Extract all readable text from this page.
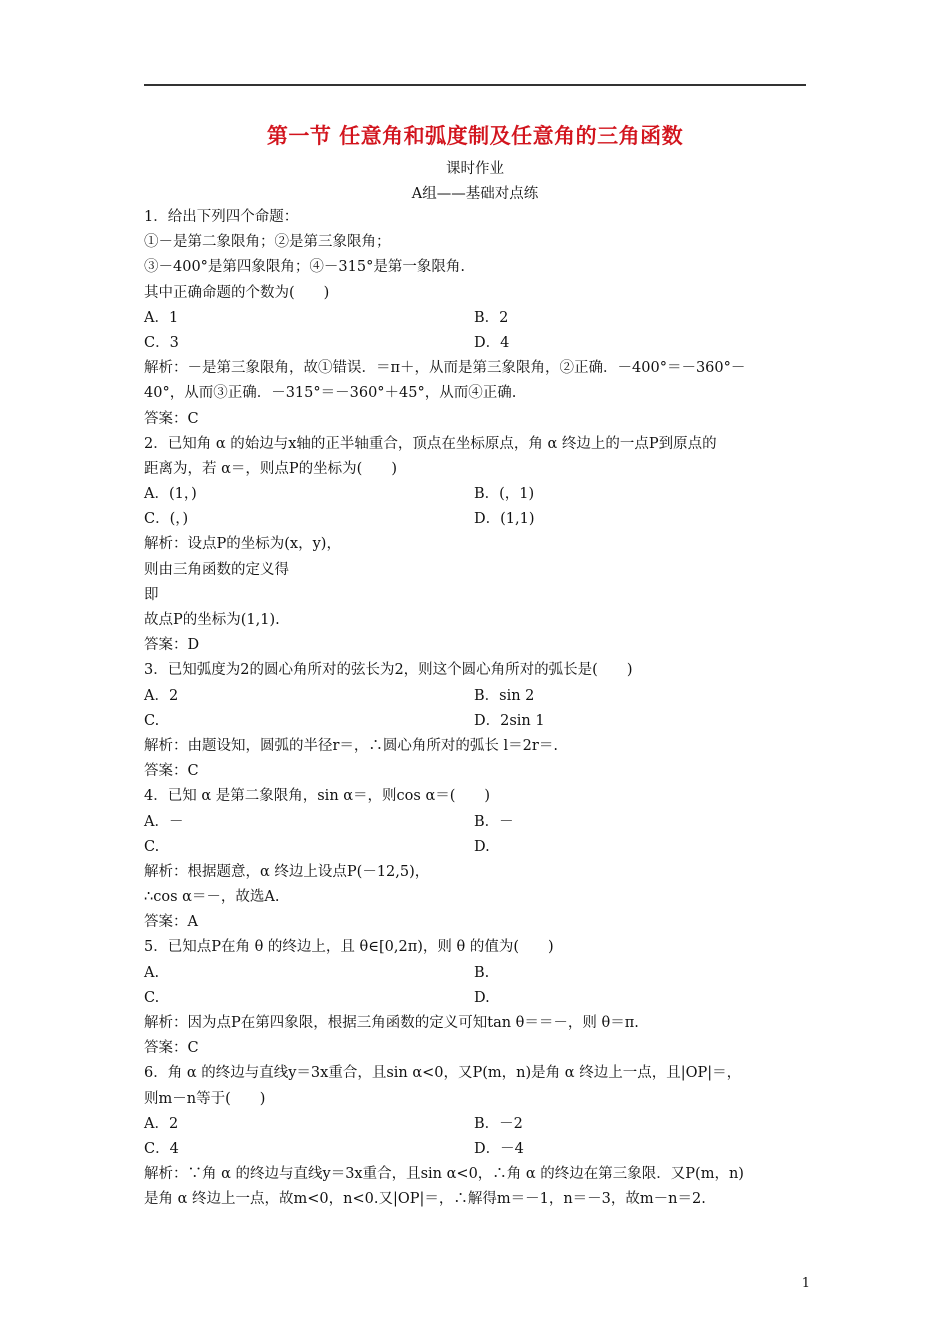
第一节 任意角和弧度制及任意角的三角函数
课时作业
A组——基础对点练
1．给出下列四个命题：
①－是第二象限角；②是第三象限角；
③－400°是第四象限角；④－315°是第一象限角.
其中正确命题的个数为(　　)
A．1	B．2
C．3	D．4
解析：－是第三象限角，故①错误．＝π＋，从而是第三象限角，②正确．－400°＝－360°－
40°，从而③正确．－315°＝－360°＋45°，从而④正确.
答案：C
2．已知角 α 的始边与x轴的正半轴重合，顶点在坐标原点，角 α 终边上的一点P到原点的
距离为，若 α＝，则点P的坐标为(　　)
A．(1，)	B．(，1)
C．(，)	D．(1,1)
解析：设点P的坐标为(x，y)，
则由三角函数的定义得
即
故点P的坐标为(1,1).
答案：D
3．已知弧度为2的圆心角所对的弦长为2，则这个圆心角所对的弧长是(　　)
A．2	B．sin 2
C.	D．2sin 1
解析：由题设知，圆弧的半径r＝，∴圆心角所对的弧长 l＝2r＝.
答案：C
4．已知 α 是第二象限角，sin α＝，则cos α＝(　　)
A．－	B．－
C.	D.
解析：根据题意，α 终边上设点P(－12,5)，
∴cos α＝－，故选A.
答案：A
5．已知点P在角 θ 的终边上，且 θ∈[0,2π)，则 θ 的值为(　　)
A.	B.
C.	D.
解析：因为点P在第四象限，根据三角函数的定义可知tan θ＝＝－，则 θ＝π.
答案：C
6．角 α 的终边与直线y＝3x重合，且sin α<0，又P(m，n)是角 α 终边上一点，且|OP|＝，
则m－n等于(　　)
A．2	B．－2
C．4	D．－4
解析：∵角 α 的终边与直线y＝3x重合，且sin α<0，∴角 α 的终边在第三象限．又P(m，n)
是角 α 终边上一点，故m<0，n<0.又|OP|＝，∴解得m＝－1，n＝－3，故m－n＝2.
1
